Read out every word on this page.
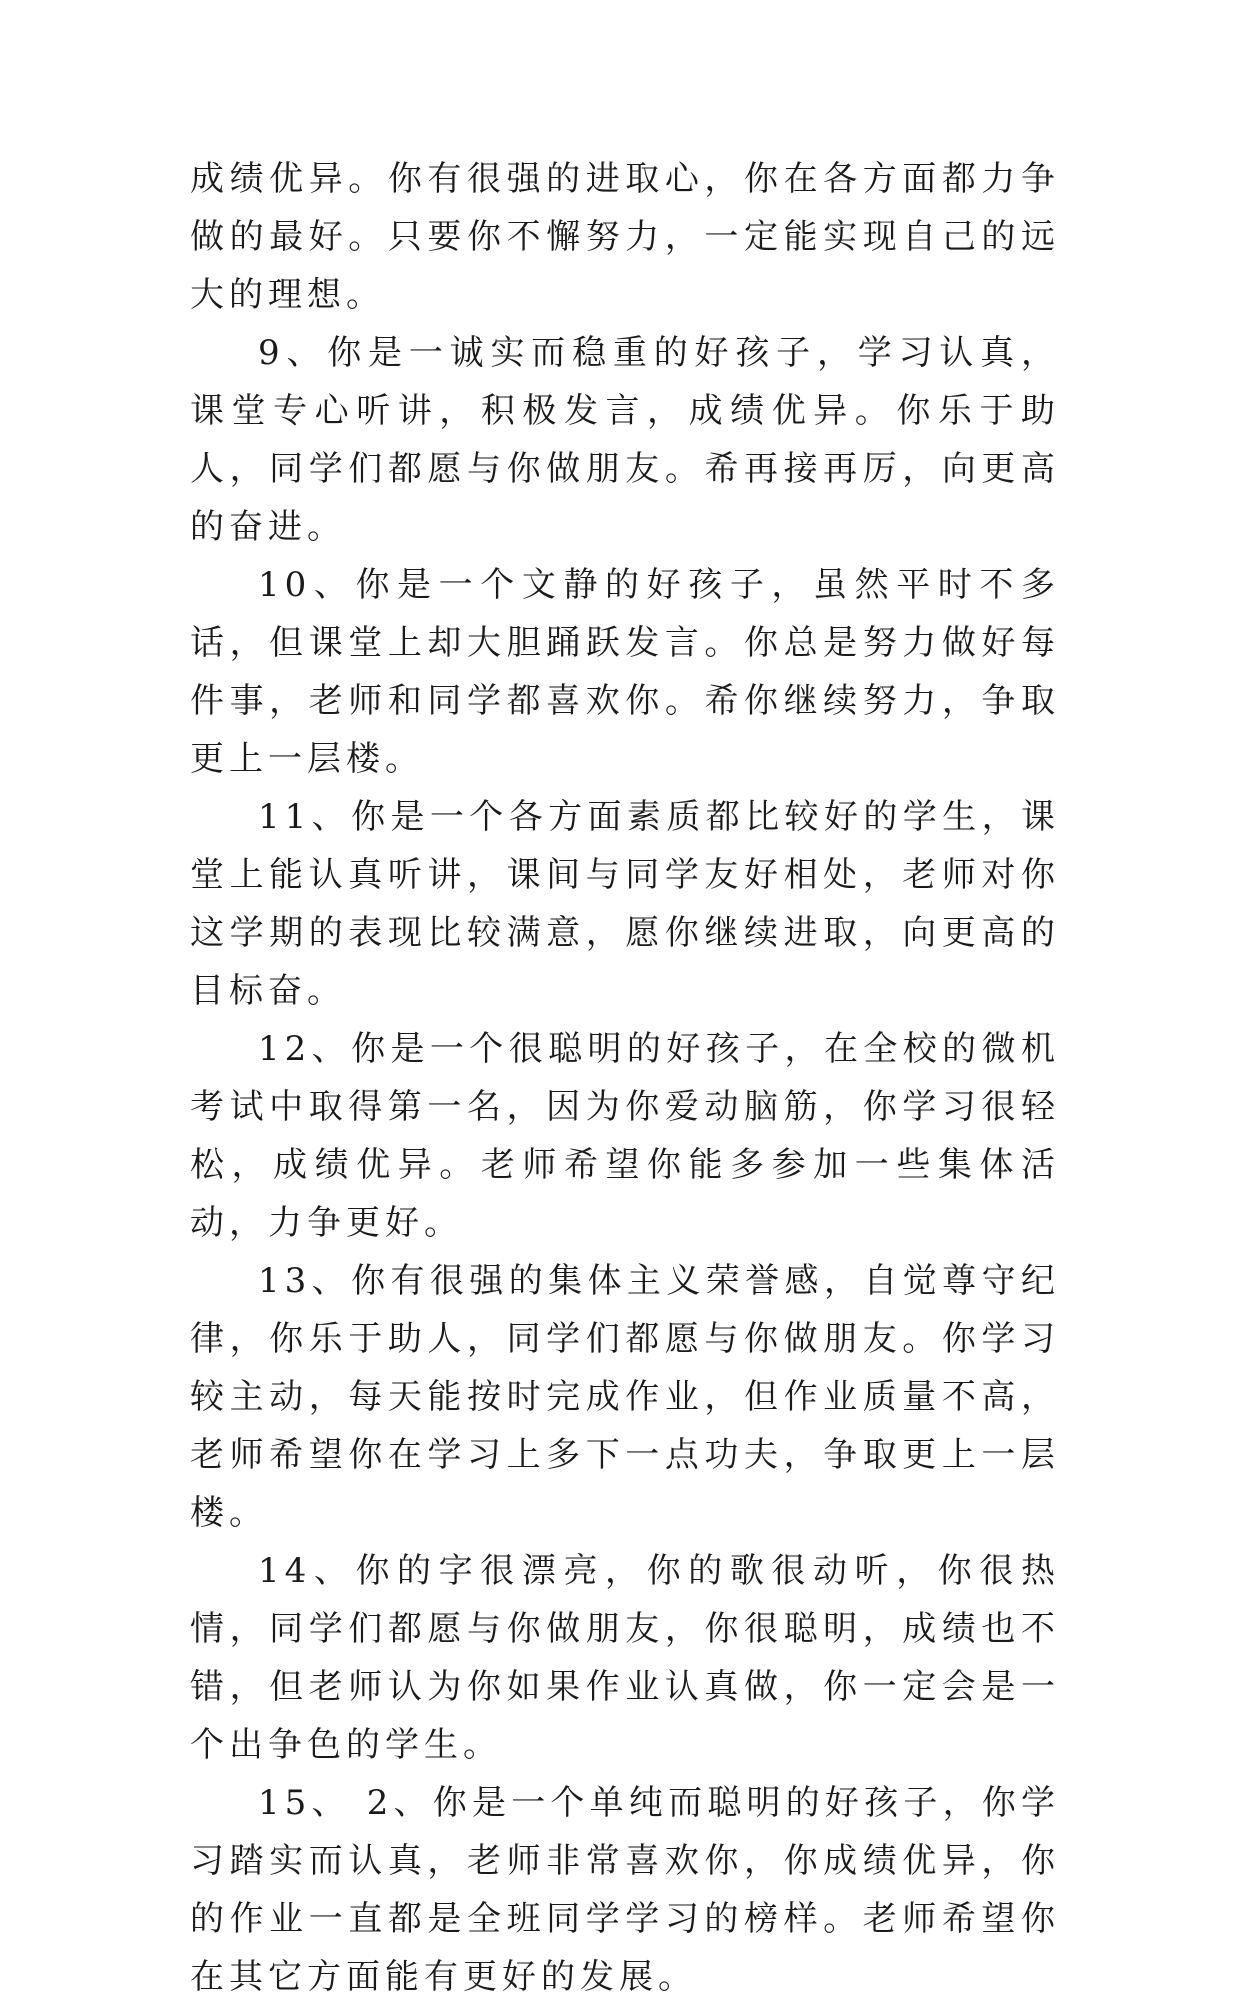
成绩优异。你有很强的进取心，你在各方面都力争做的最好。只要你不懈努力，一定能实现自己的远大的理想。

9、你是一诚实而稳重的好孩子，学习认真，课堂专心听讲，积极发言，成绩优异。你乐于助人，同学们都愿与你做朋友。希再接再厉，向更高的奋进。

10、你是一个文静的好孩子，虽然平时不多话，但课堂上却大胆踊跃发言。你总是努力做好每件事，老师和同学都喜欢你。希你继续努力，争取更上一层楼。

11、你是一个各方面素质都比较好的学生，课堂上能认真听讲，课间与同学友好相处，老师对你这学期的表现比较满意，愿你继续进取，向更高的目标奋。

12、你是一个很聪明的好孩子，在全校的微机考试中取得第一名，因为你爱动脑筋，你学习很轻松，成绩优异。老师希望你能多参加一些集体活动，力争更好。

13、你有很强的集体主义荣誉感，自觉尊守纪律，你乐于助人，同学们都愿与你做朋友。你学习较主动，每天能按时完成作业，但作业质量不高，老师希望你在学习上多下一点功夫，争取更上一层楼。

14、你的字很漂亮，你的歌很动听，你很热情，同学们都愿与你做朋友，你很聪明，成绩也不错，但老师认为你如果作业认真做，你一定会是一个出争色的学生。

15、 2、你是一个单纯而聪明的好孩子，你学习踏实而认真，老师非常喜欢你，你成绩优异，你的作业一直都是全班同学学习的榜样。老师希望你在其它方面能有更好的发展。
